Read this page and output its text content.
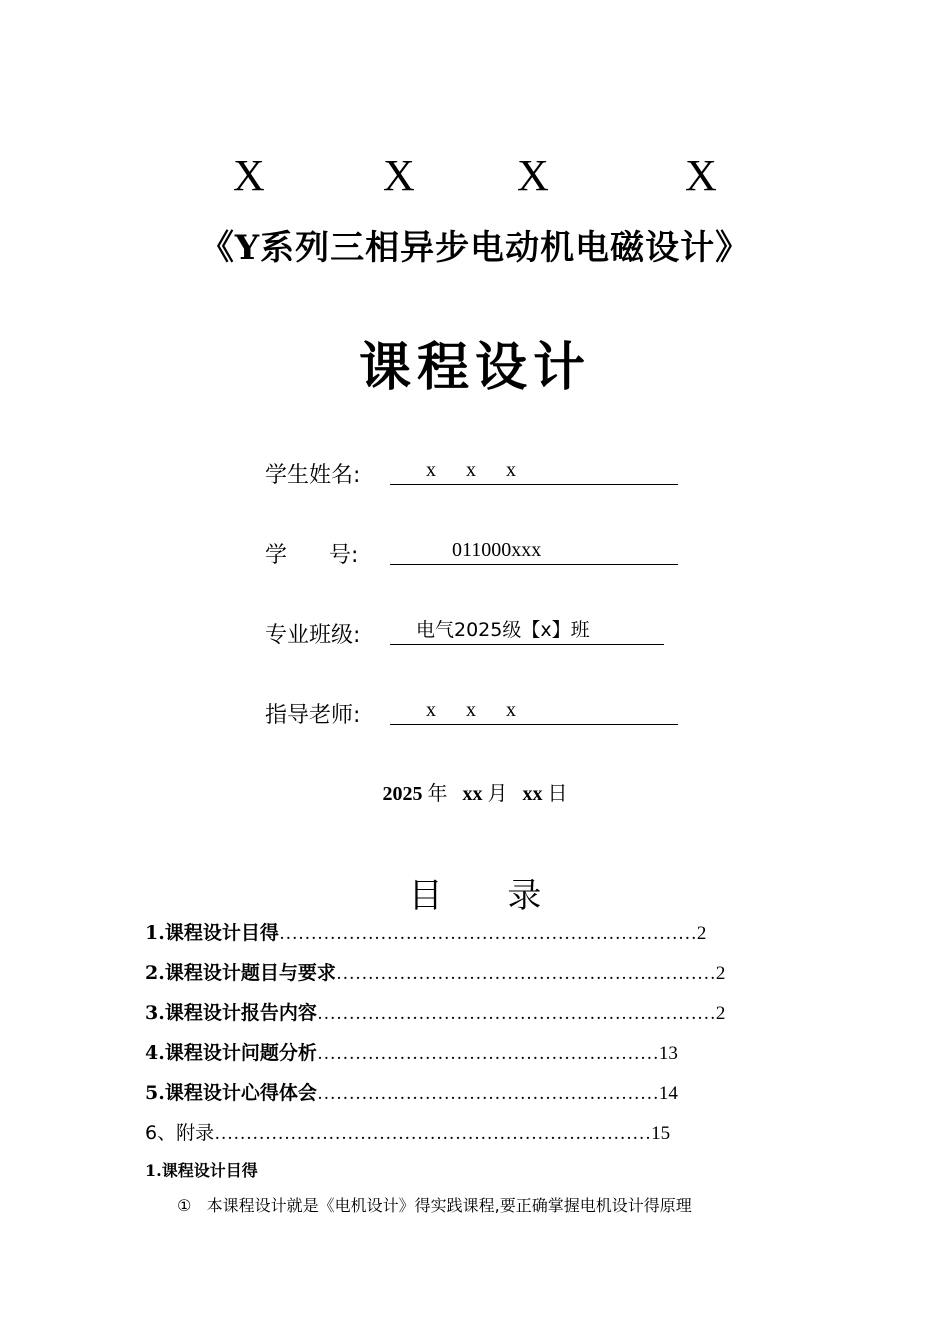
X	X X	X
《Y系列三相异步电动机电磁设计》
课程设计
学生姓名:	x      x      x
学      号:	011000xxx
专业班级:	电气2025级【x】班
指导老师:	x      x      x
2025 年 xx 月 xx 日
目      录
1.课程设计目得…………………………………………………………2
2.课程设计题目与要求……………………………………………………2
3.课程设计报告内容………………………………………………………2
4.课程设计问题分析………………………………………………13
5.课程设计心得体会………………………………………………14
6、附录……………………………………………………………15
1.课程设计目得
①   本课程设计就是《电机设计》得实践课程,要正确掌握电机设计得原理
